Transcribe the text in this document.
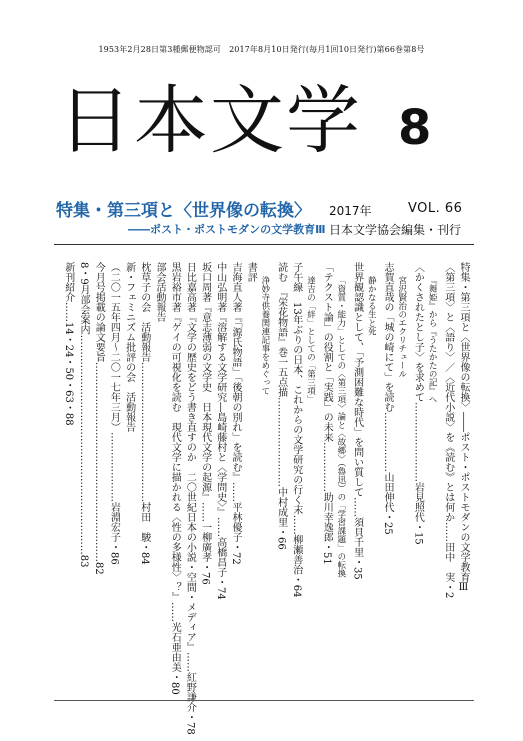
1953年2月28日第3種郵便物認可　2017年8月10日発行(毎月1回10日発行)第66巻第8号
日本文学 8
特集・第三項と〈世界像の転換〉
――ポスト・ポストモダンの文学教育Ⅲ
2017年	VOL. 66
日本文学協会編集・刊行
特集・第三項と〈世界像の転換〉――ポスト・ポストモダンの文学教育Ⅲ
〈第三項〉と〈語り〉／〈近代小説〉を《読む》とは何か……田中　実・2
『舞姫』から『うたかたの記』へ
〈かくされたとし子〉を求めて……………………岩見照代・15
宮沢賢治のエクリチュール
志賀直哉の「城の崎にて」を読む………………山田伸代・25
静かなる生と死
世界観認識として、「予測困難な時代」を問い質して……須貝千里・35
「資質・能力」としての〈第三項〉論と〈故郷〉（魯迅）の「学習課題」の転換
「テクスト論」の役割と「実践」の未来……………助川幸逸郎・51
達吉の「絆」としての「第三項」
子午線　13年ぶりの日本、これからの文学研究の行く末……柳瀬善治・64
読む　『栄花物語』巻一五点描………………………中村成里・66
浄妙寺供養関連記事をめぐって
書評
吉海直人著『「源氏物語」「後朝の別れ」を読む』……平林優子・72
中山弘明著『溶解する文学研究―島崎藤村と〈学問史〉』……高橋昌子・74
坂口周著『意志薄弱の文学史　日本現代文学の起源』……一柳廣孝・76
日比嘉高著『文学の歴史をどう書き直すのか　二〇世紀日本の小説・空間・メディア』……紅野謙介・78
黒岩裕市著『ゲイの可視化を読む　現代文学に描かれる〈性の多様性〉？』……光石亜由美・80
部会活動報告
枕草子の会　活動報告……………………………………村田　駿・84
新・フェミニズム批評の会　活動報告
（二〇一五年四月～二〇一七年三月）…………………岩淵宏子・86
今月号掲載の論文要旨……………………………………………………82
8・9月部会案内…………………………………………………………83
新刊紹介……14・24・50・63・88
